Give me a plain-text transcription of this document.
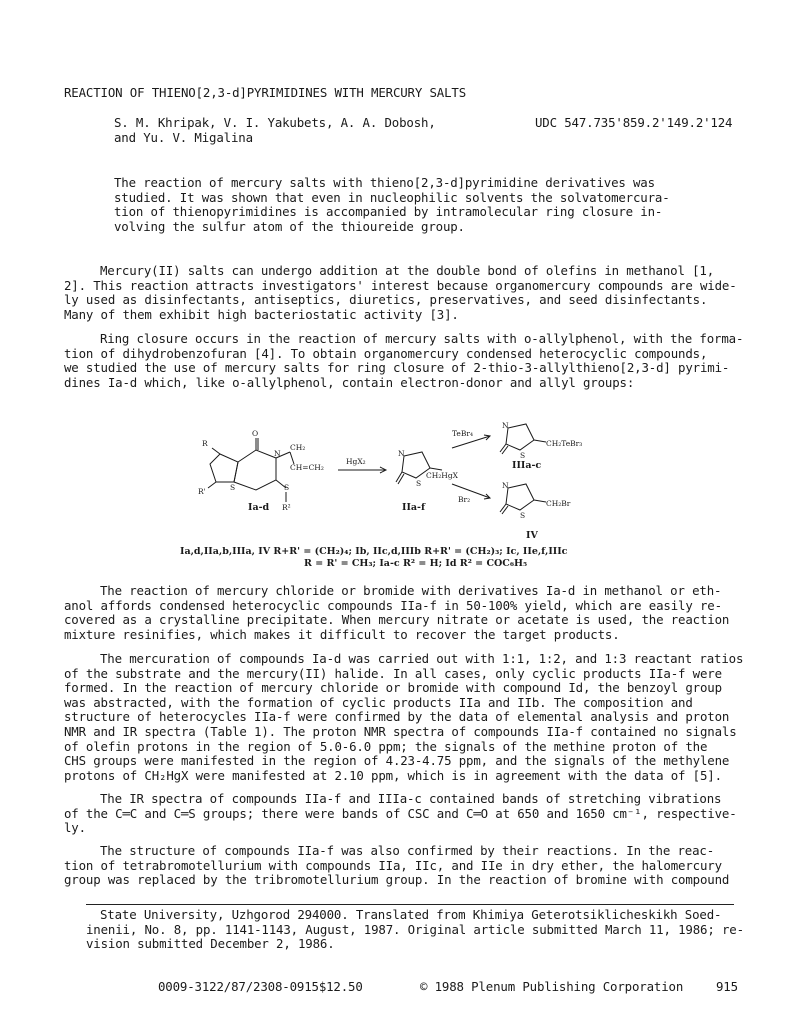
REACTION OF THIENO[2,3-d]PYRIMIDINES WITH MERCURY SALTS
S. M. Khripak, V. I. Yakubets, A. A. Dobosh,
and Yu. V. Migalina
UDC 547.735'859.2'149.2'124
The reaction of mercury salts with thieno[2,3-d]pyrimidine derivatives was
studied. It was shown that even in nucleophilic solvents the solvatomercura-
tion of thienopyrimidines is accompanied by intramolecular ring closure in-
volving the sulfur atom of the thioureide group.
Mercury(II) salts can undergo addition at the double bond of olefins in methanol [1,
2]. This reaction attracts investigators' interest because organomercury compounds are wide-
ly used as disinfectants, antiseptics, diuretics, preservatives, and seed disinfectants.
Many of them exhibit high bacteriostatic activity [3].
Ring closure occurs in the reaction of mercury salts with o-allylphenol, with the forma-
tion of dihydrobenzofuran [4]. To obtain organomercury condensed heterocyclic compounds,
we studied the use of mercury salts for ring closure of 2-thio-3-allylthieno[2,3-d] pyrimi-
dines Ia-d which, like o-allylphenol, contain electron-donor and allyl groups:
O
R
R'	S
N
CH₂
CH=CH₂
S
R²
HgX₂
N
S
CH₂HgX
TeBr₄
Br₂
N
S
CH₂TeBr₃
N
S
CH₂Br
Ia-d	IIa-f
IIIa-c
IV
Ia,d,IIa,b,IIIa, IV R+R' = (CH₂)₄; Ib, IIc,d,IIIb R+R' = (CH₂)₃; Ic, IIe,f,IIIc
R = R' = CH₃; Ia-c R² = H; Id R² = COC₆H₅
The reaction of mercury chloride or bromide with derivatives Ia-d in methanol or eth-
anol affords condensed heterocyclic compounds IIa-f in 50-100% yield, which are easily re-
covered as a crystalline precipitate. When mercury nitrate or acetate is used, the reaction
mixture resinifies, which makes it difficult to recover the target products.
The mercuration of compounds Ia-d was carried out with 1:1, 1:2, and 1:3 reactant ratios
of the substrate and the mercury(II) halide. In all cases, only cyclic products IIa-f were
formed. In the reaction of mercury chloride or bromide with compound Id, the benzoyl group
was abstracted, with the formation of cyclic products IIa and IIb. The composition and
structure of heterocycles IIa-f were confirmed by the data of elemental analysis and proton
NMR and IR spectra (Table 1). The proton NMR spectra of compounds IIa-f contained no signals
of olefin protons in the region of 5.0-6.0 ppm; the signals of the methine proton of the
CHS groups were manifested in the region of 4.23-4.75 ppm, and the signals of the methylene
protons of CH₂HgX were manifested at 2.10 ppm, which is in agreement with the data of [5].
The IR spectra of compounds IIa-f and IIIa-c contained bands of stretching vibrations
of the C═C and C═S groups; there were bands of CSC and C═O at 650 and 1650 cm⁻¹, respective-
ly.
The structure of compounds IIa-f was also confirmed by their reactions. In the reac-
tion of tetrabromotellurium with compounds IIa, IIc, and IIe in dry ether, the halomercury
group was replaced by the tribromotellurium group. In the reaction of bromine with compound
State University, Uzhgorod 294000. Translated from Khimiya Geterotsiklicheskikh Soed-
inenii, No. 8, pp. 1141-1143, August, 1987. Original article submitted March 11, 1986; re-
vision submitted December 2, 1986.
0009-3122/87/2308-0915$12.50	© 1988 Plenum Publishing Corporation	915
